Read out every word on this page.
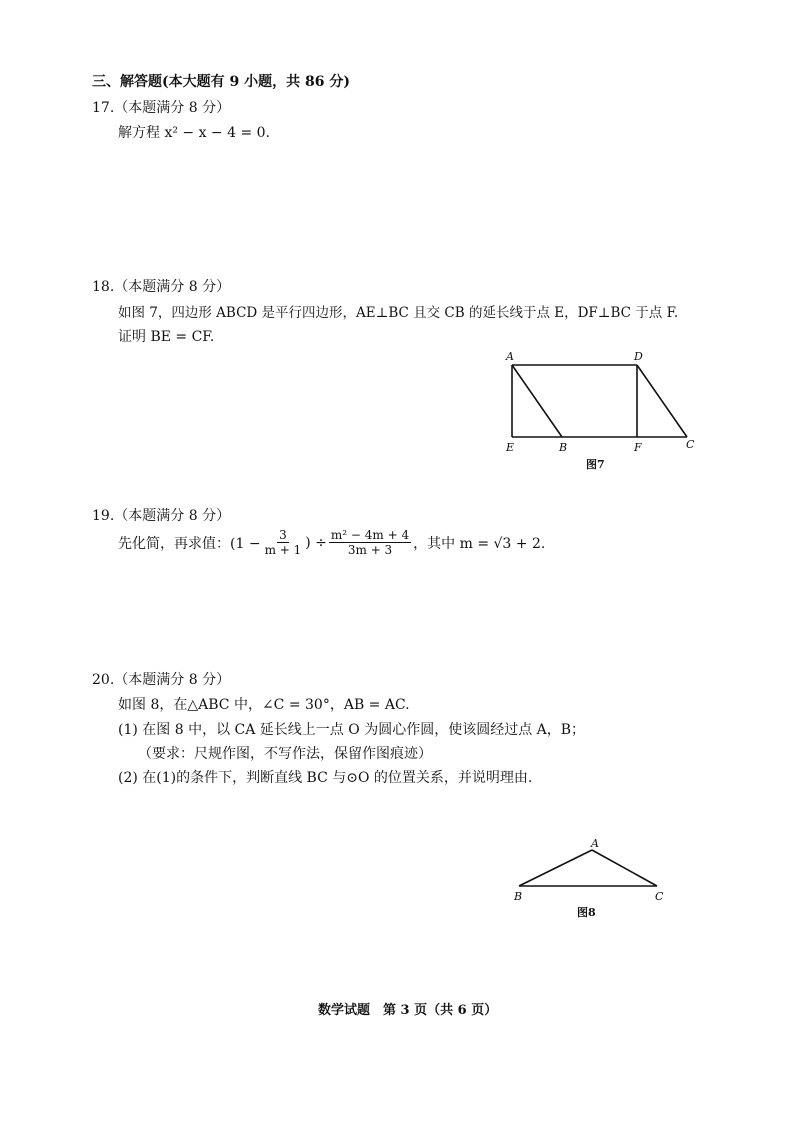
三、解答题(本大题有 9 小题，共 86 分)
17.（本题满分 8 分）
解方程 x² − x − 4 = 0.
18.（本题满分 8 分）
如图 7，四边形 ABCD 是平行四边形，AE⊥BC 且交 CB 的延长线于点 E，DF⊥BC 于点 F.
证明 BE = CF.
A	D
E	B	F	C
图7
19.（本题满分 8 分）
先化简，再求值：($1 - \frac{3}{m + 1}$ ) ÷ $\frac{\text{m² − 4m + 4}}{3m + 3}$ ，其中 m = √3 + 2.
20.（本题满分 8 分）
如图 8，在△ABC 中，∠C = 30°，AB = AC.
(1) 在图 8 中，以 CA 延长线上一点 O 为圆心作圆，使该圆经过点 A，B；
（要求：尺规作图，不写作法，保留作图痕迹）
(2) 在(1)的条件下，判断直线 BC 与⊙O 的位置关系，并说明理由.
A
B	C
图8
数学试题　第 3 页（共 6 页）
